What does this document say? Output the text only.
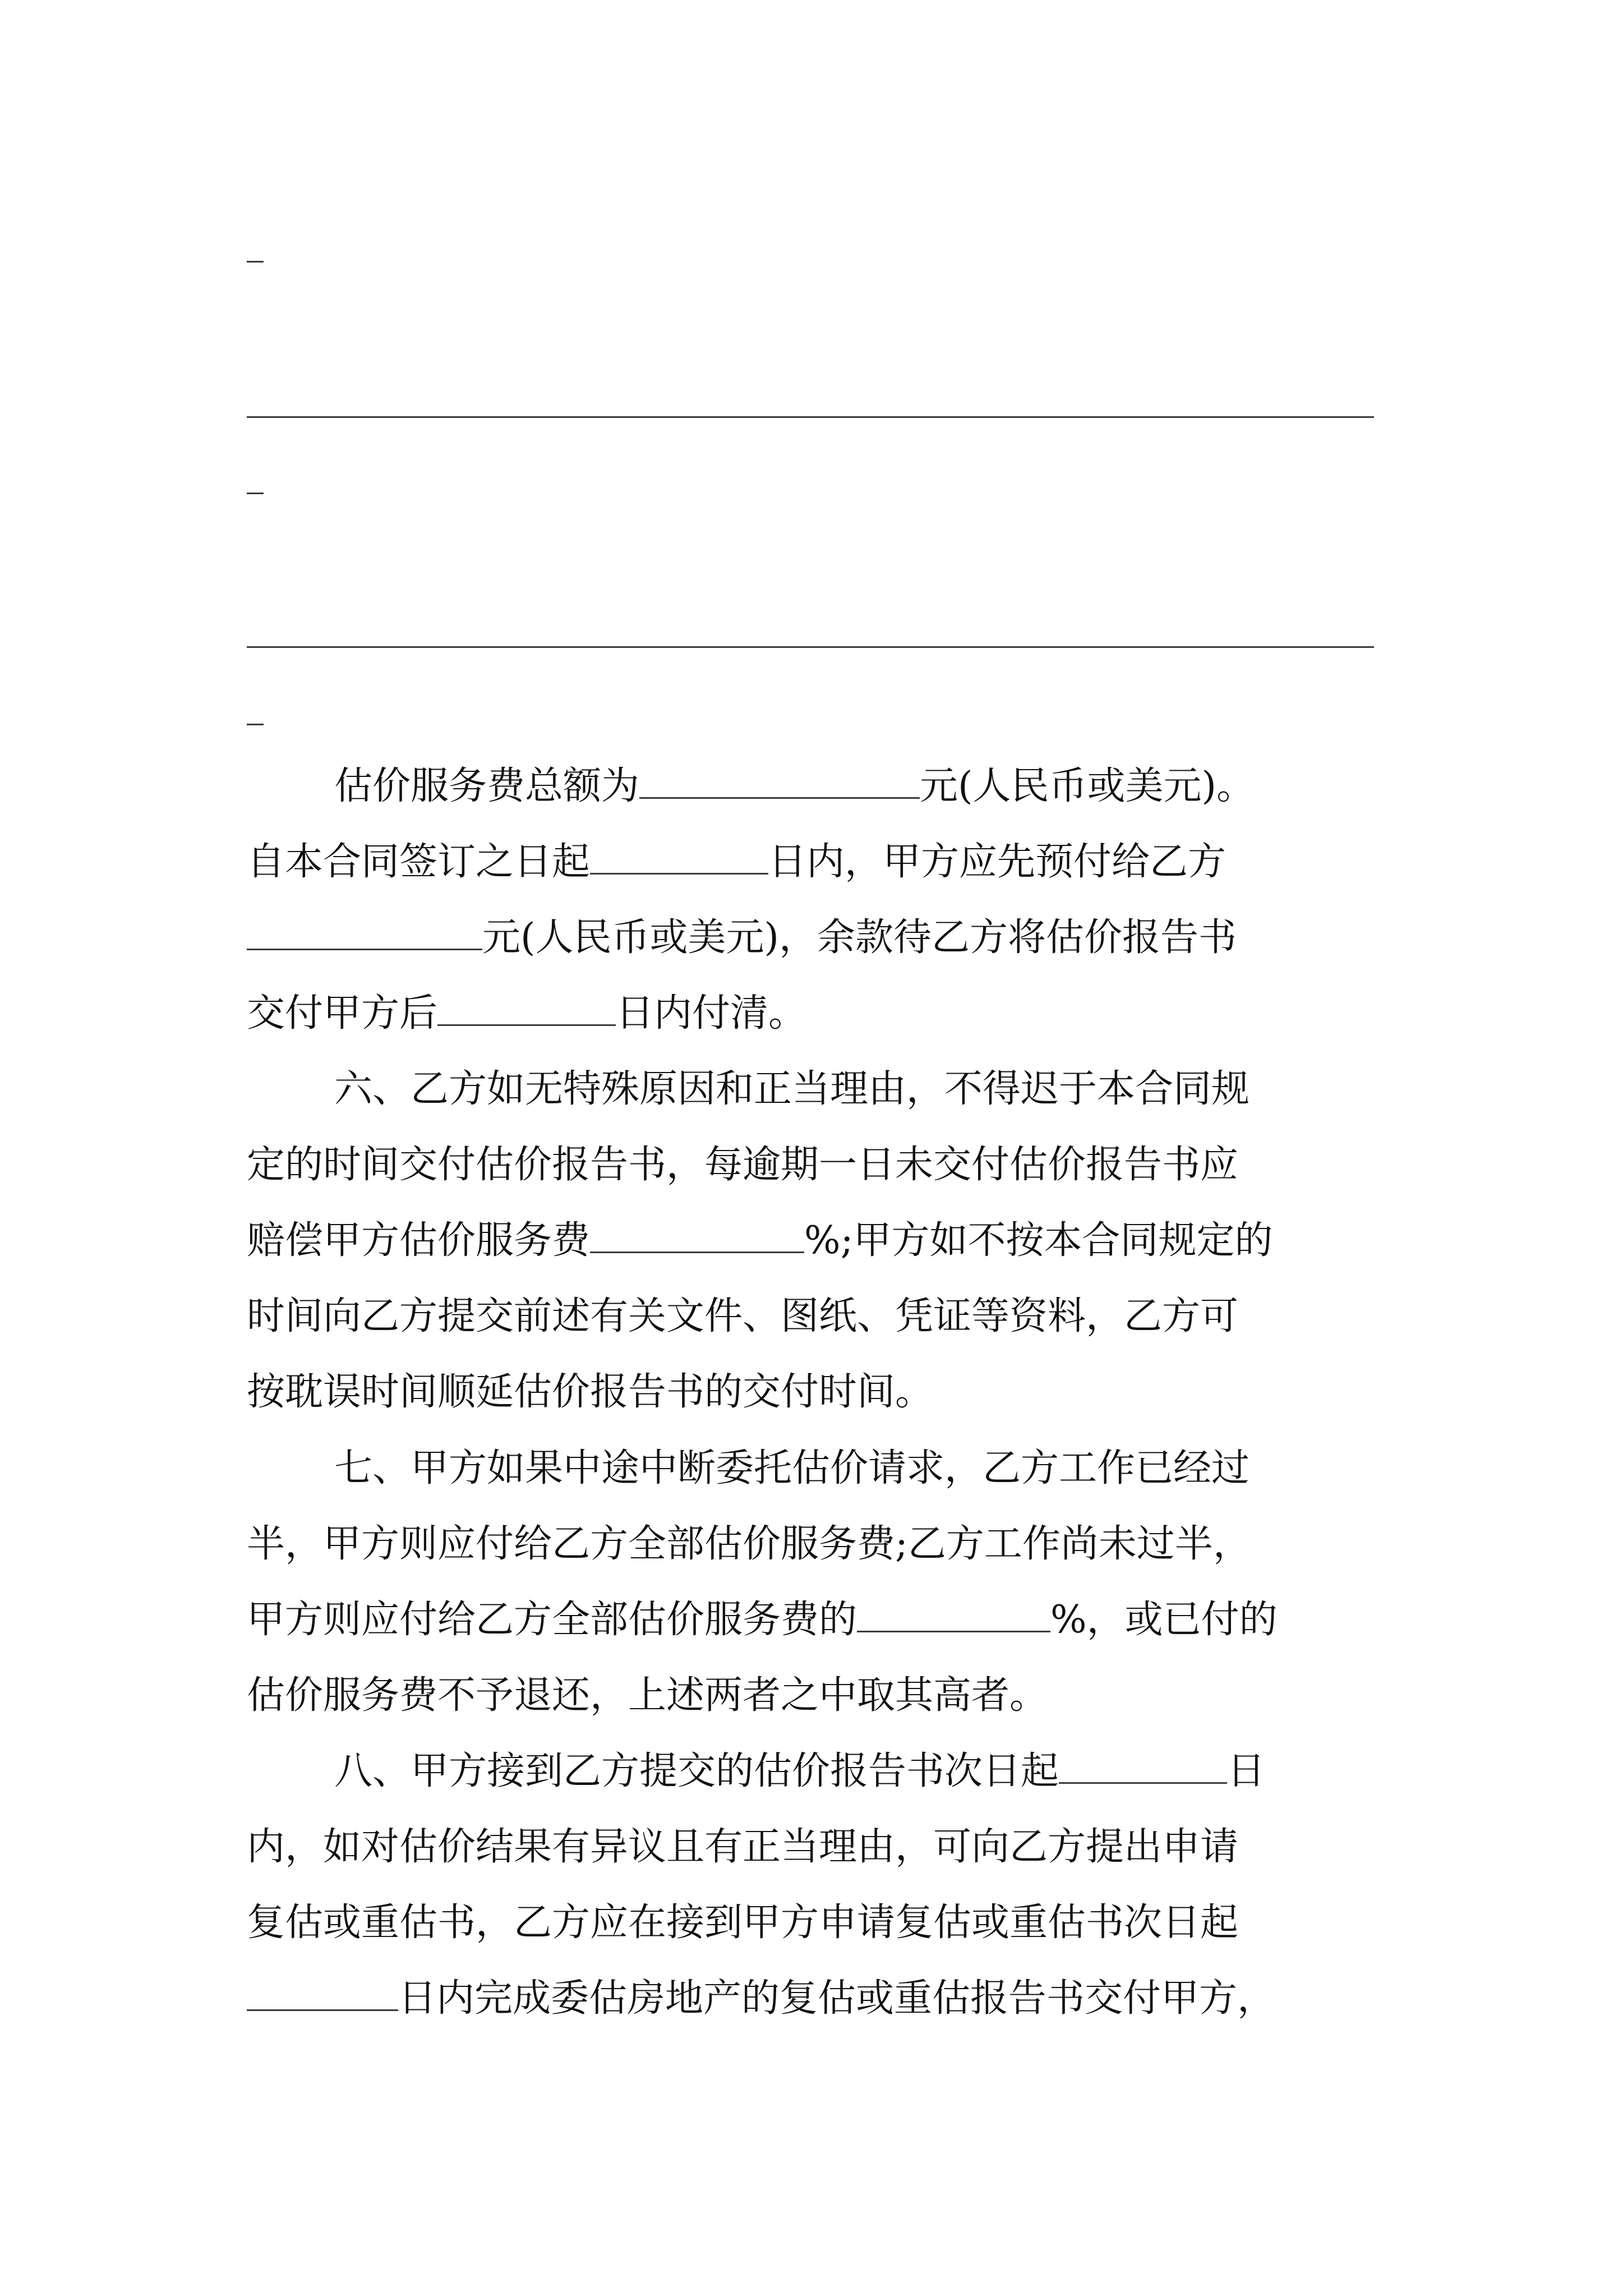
估价服务费总额为	元(人民币或美元)。
自本合同签订之日起	日内，甲方应先预付给乙方
元(人民币或美元)，余款待乙方将估价报告书
交付甲方后	日内付清。
六、乙方如无特殊原因和正当理由，不得迟于本合同规
定的时间交付估价报告书，每逾期一日未交付估价报告书应
赔偿甲方估价服务费	%;甲方如不按本合同规定的
时间向乙方提交前述有关文件、图纸、凭证等资料，乙方可
按耽误时间顺延估价报告书的交付时间。
七、甲方如果中途中断委托估价请求，乙方工作已经过
半，甲方则应付给乙方全部估价服务费;乙方工作尚未过半，
甲方则应付给乙方全部估价服务费的	%，或已付的
估价服务费不予退还，上述两者之中取其高者。
八、甲方接到乙方提交的估价报告书次日起	日
内，如对估价结果有异议且有正当理由，可向乙方提出申请
复估或重估书，乙方应在接到甲方申请复估或重估书次日起
日内完成委估房地产的复估或重估报告书交付甲方，
